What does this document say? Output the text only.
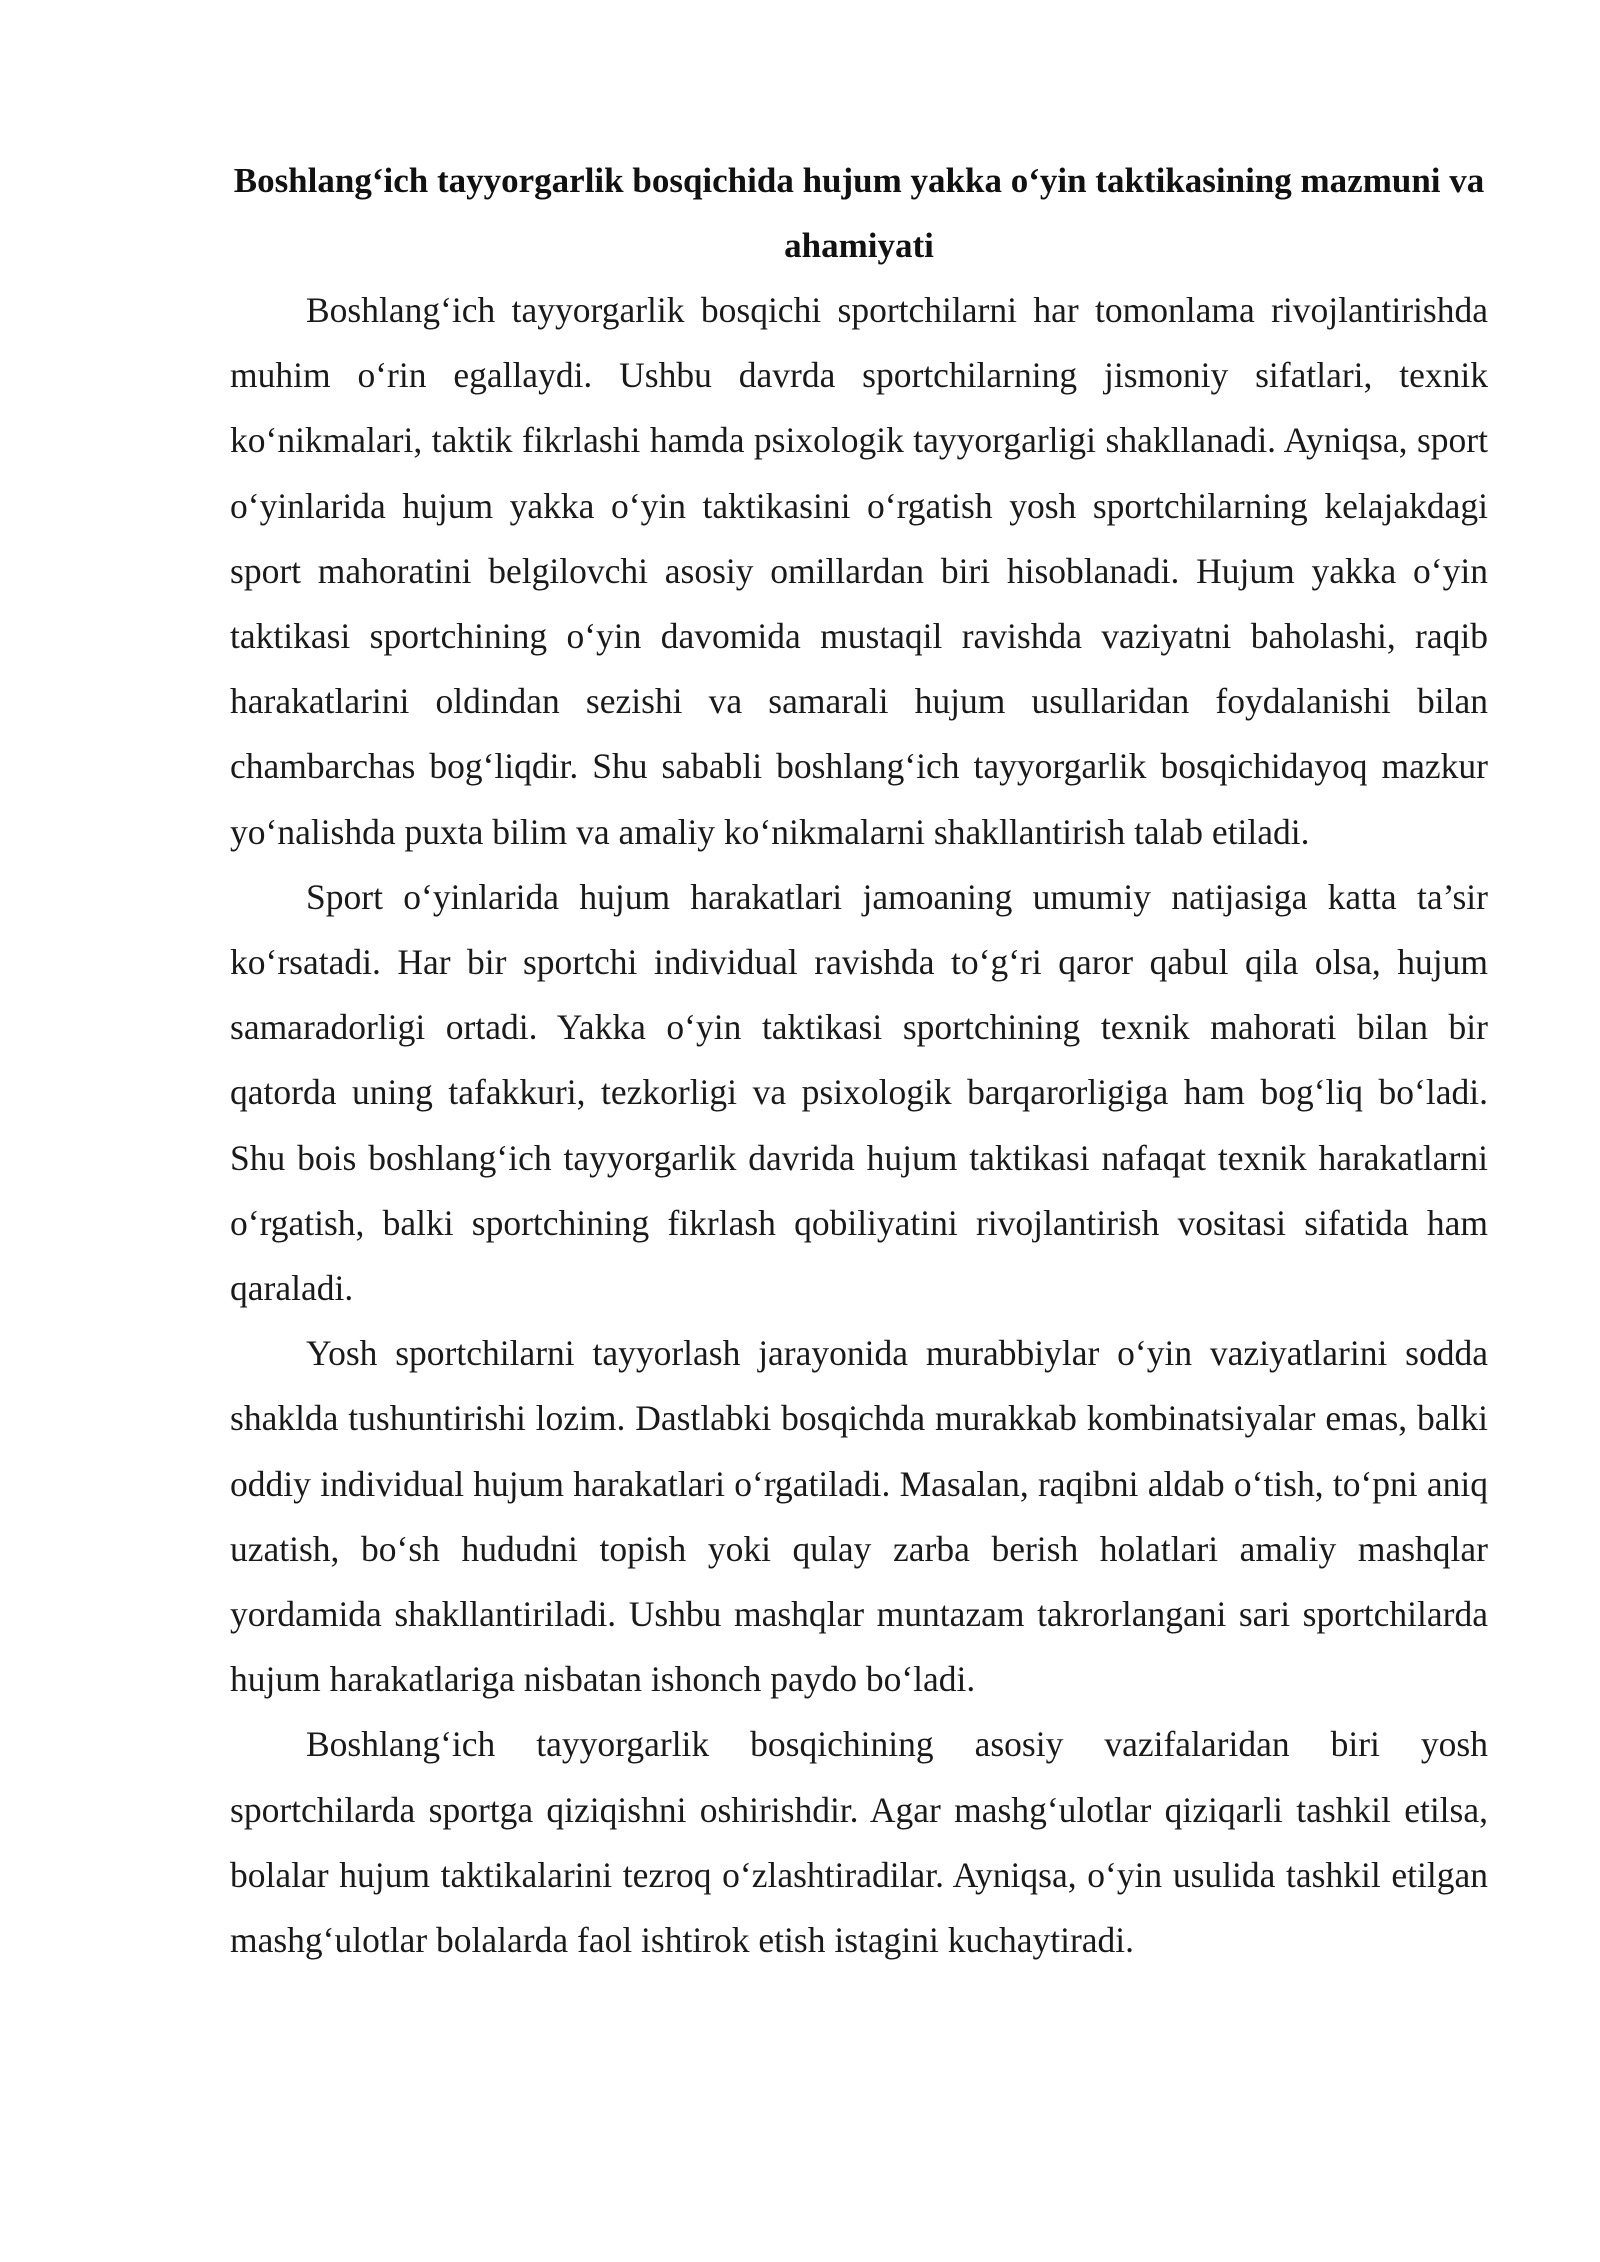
Boshlang‘ich tayyorgarlik bosqichida hujum yakka o‘yin taktikasining mazmuni va ahamiyati

Boshlang‘ich tayyorgarlik bosqichi sportchilarni har tomonlama rivojlantirishda muhim o‘rin egallaydi. Ushbu davrda sportchilarning jismoniy sifatlari, texnik ko‘nikmalari, taktik fikrlashi hamda psixologik tayyorgarligi shakllanadi. Ayniqsa, sport o‘yinlarida hujum yakka o‘yin taktikasini o‘rgatish yosh sportchilarning kelajakdagi sport mahoratini belgilovchi asosiy omillardan biri hisoblanadi. Hujum yakka o‘yin taktikasi sportchining o‘yin davomida mustaqil ravishda vaziyatni baholashi, raqib harakatlarini oldindan sezishi va samarali hujum usullaridan foydalanishi bilan chambarchas bog‘liqdir. Shu sababli boshlang‘ich tayyorgarlik bosqichidayoq mazkur yo‘nalishda puxta bilim va amaliy ko‘nikmalarni shakllantirish talab etiladi.

Sport o‘yinlarida hujum harakatlari jamoaning umumiy natijasiga katta ta’sir ko‘rsatadi. Har bir sportchi individual ravishda to‘g‘ri qaror qabul qila olsa, hujum samaradorligi ortadi. Yakka o‘yin taktikasi sportchining texnik mahorati bilan bir qatorda uning tafakkuri, tezkorligi va psixologik barqarorligiga ham bog‘liq bo‘ladi. Shu bois boshlang‘ich tayyorgarlik davrida hujum taktikasi nafaqat texnik harakatlarni o‘rgatish, balki sportchining fikrlash qobiliyatini rivojlantirish vositasi sifatida ham qaraladi.

Yosh sportchilarni tayyorlash jarayonida murabbiylar o‘yin vaziyatlarini sodda shaklda tushuntirishi lozim. Dastlabki bosqichda murakkab kombinatsiyalar emas, balki oddiy individual hujum harakatlari o‘rgatiladi. Masalan, raqibni aldab o‘tish, to‘pni aniq uzatish, bo‘sh hududni topish yoki qulay zarba berish holatlari amaliy mashqlar yordamida shakllantiriladi. Ushbu mashqlar muntazam takrorlangani sari sportchilarda hujum harakatlariga nisbatan ishonch paydo bo‘ladi.

Boshlang‘ich tayyorgarlik bosqichining asosiy vazifalaridan biri yosh sportchilarda sportga qiziqishni oshirishdir. Agar mashg‘ulotlar qiziqarli tashkil etilsa, bolalar hujum taktikalarini tezroq o‘zlashtiradilar. Ayniqsa, o‘yin usulida tashkil etilgan mashg‘ulotlar bolalarda faol ishtirok etish istagini kuchaytiradi.
